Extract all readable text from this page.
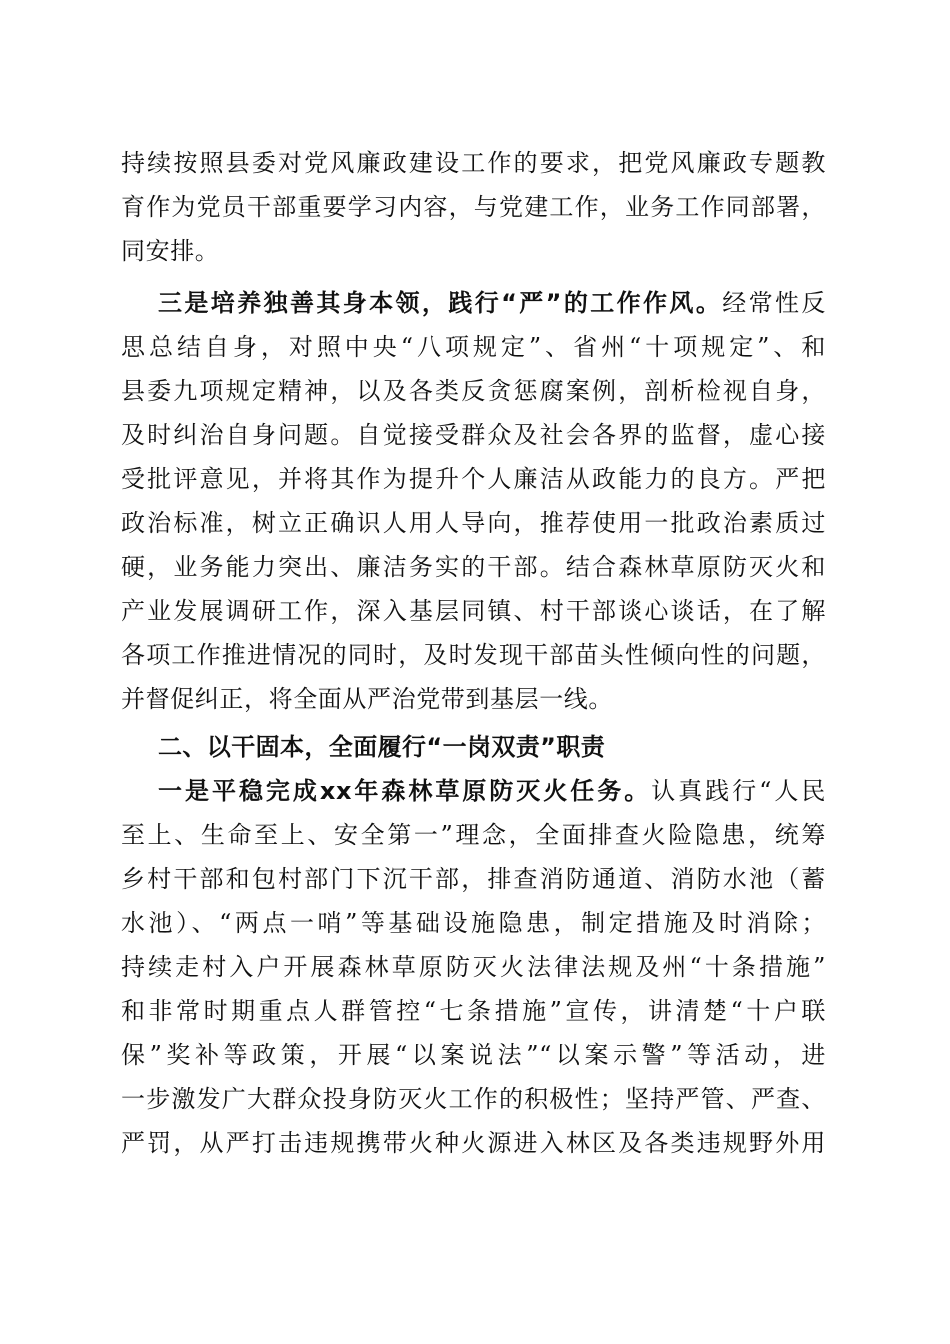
持续按照县委对党风廉政建设工作的要求，把党风廉政专题教
育作为党员干部重要学习内容，与党建工作，业务工作同部署，
同安排。
三是培养独善其身本领，践行“严”的工作作风。经常性反
思总结自身，对照中央“八项规定”、省州“十项规定”、和
县委九项规定精神，以及各类反贪惩腐案例，剖析检视自身，
及时纠治自身问题。自觉接受群众及社会各界的监督，虚心接
受批评意见，并将其作为提升个人廉洁从政能力的良方。严把
政治标准，树立正确识人用人导向，推荐使用一批政治素质过
硬，业务能力突出、廉洁务实的干部。结合森林草原防灭火和
产业发展调研工作，深入基层同镇、村干部谈心谈话，在了解
各项工作推进情况的同时，及时发现干部苗头性倾向性的问题，
并督促纠正，将全面从严治党带到基层一线。
二、以干固本，全面履行“一岗双责”职责
一是平稳完成xx年森林草原防灭火任务。认真践行“人民
至上、生命至上、安全第一”理念，全面排查火险隐患，统筹
乡村干部和包村部门下沉干部，排查消防通道、消防水池（蓄
水池）、“两点一哨”等基础设施隐患，制定措施及时消除；
持续走村入户开展森林草原防灭火法律法规及州“十条措施”
和非常时期重点人群管控“七条措施”宣传，讲清楚“十户联
保”奖补等政策，开展“以案说法”“以案示警”等活动，进
一步激发广大群众投身防灭火工作的积极性；坚持严管、严查、
严罚，从严打击违规携带火种火源进入林区及各类违规野外用
